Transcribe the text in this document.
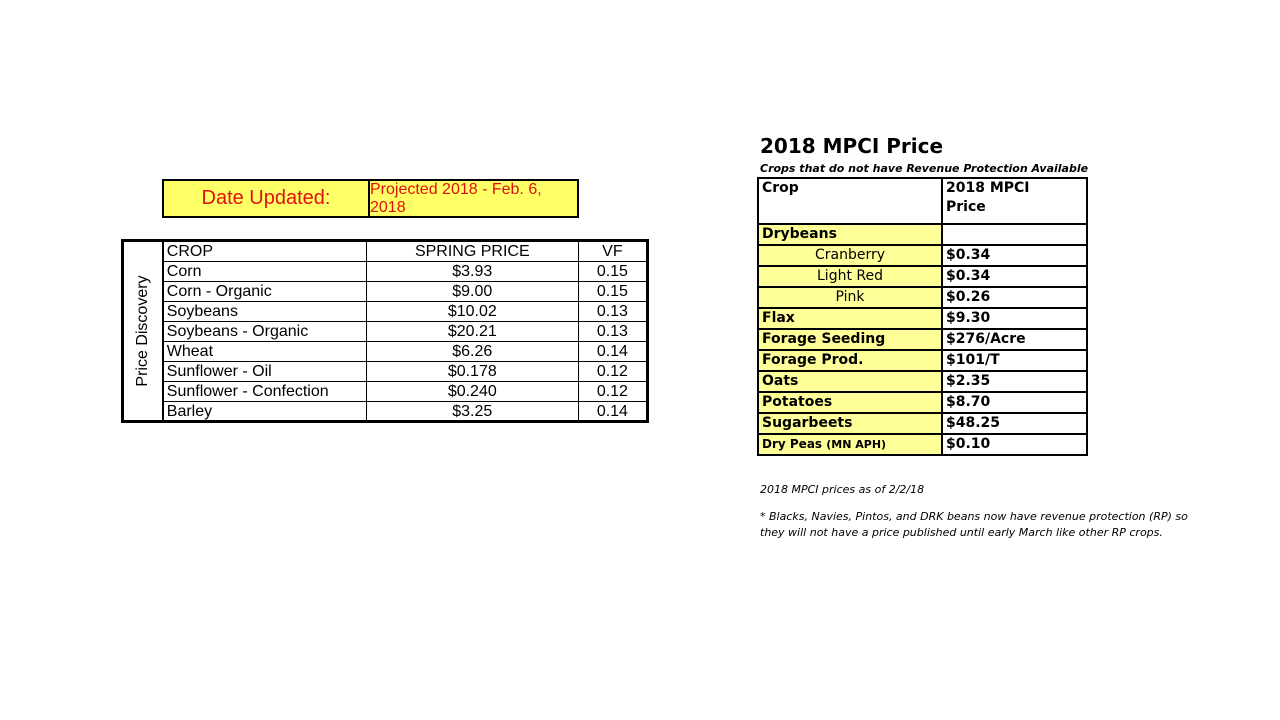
Date Updated:	Projected 2018 - Feb. 6, 2018
Price Discovery
CROP	SPRING PRICE	VF
Corn	$3.93	0.15
Corn - Organic	$9.00	0.15
Soybeans	$10.02	0.13
Soybeans - Organic	$20.21	0.13
Wheat	$6.26	0.14
Sunflower - Oil	$0.178	0.12
Sunflower - Confection	$0.240	0.12
Barley	$3.25	0.14
2018 MPCI Price
Crops that do not have Revenue Protection Available
Crop	2018 MPCI
Price

Drybeans	
Cranberry	$0.34
Light Red	$0.34
Pink	$0.26
Flax	$9.30
Forage Seeding	$276/Acre
Forage Prod.	$101/T
Oats	$2.35
Potatoes	$8.70
Sugarbeets	$48.25
Dry Peas (MN APH)	$0.10
2018 MPCI prices as of 2/2/18
* Blacks, Navies, Pintos, and DRK beans now have revenue protection (RP) so they will not have a price published until early March like other RP crops.
